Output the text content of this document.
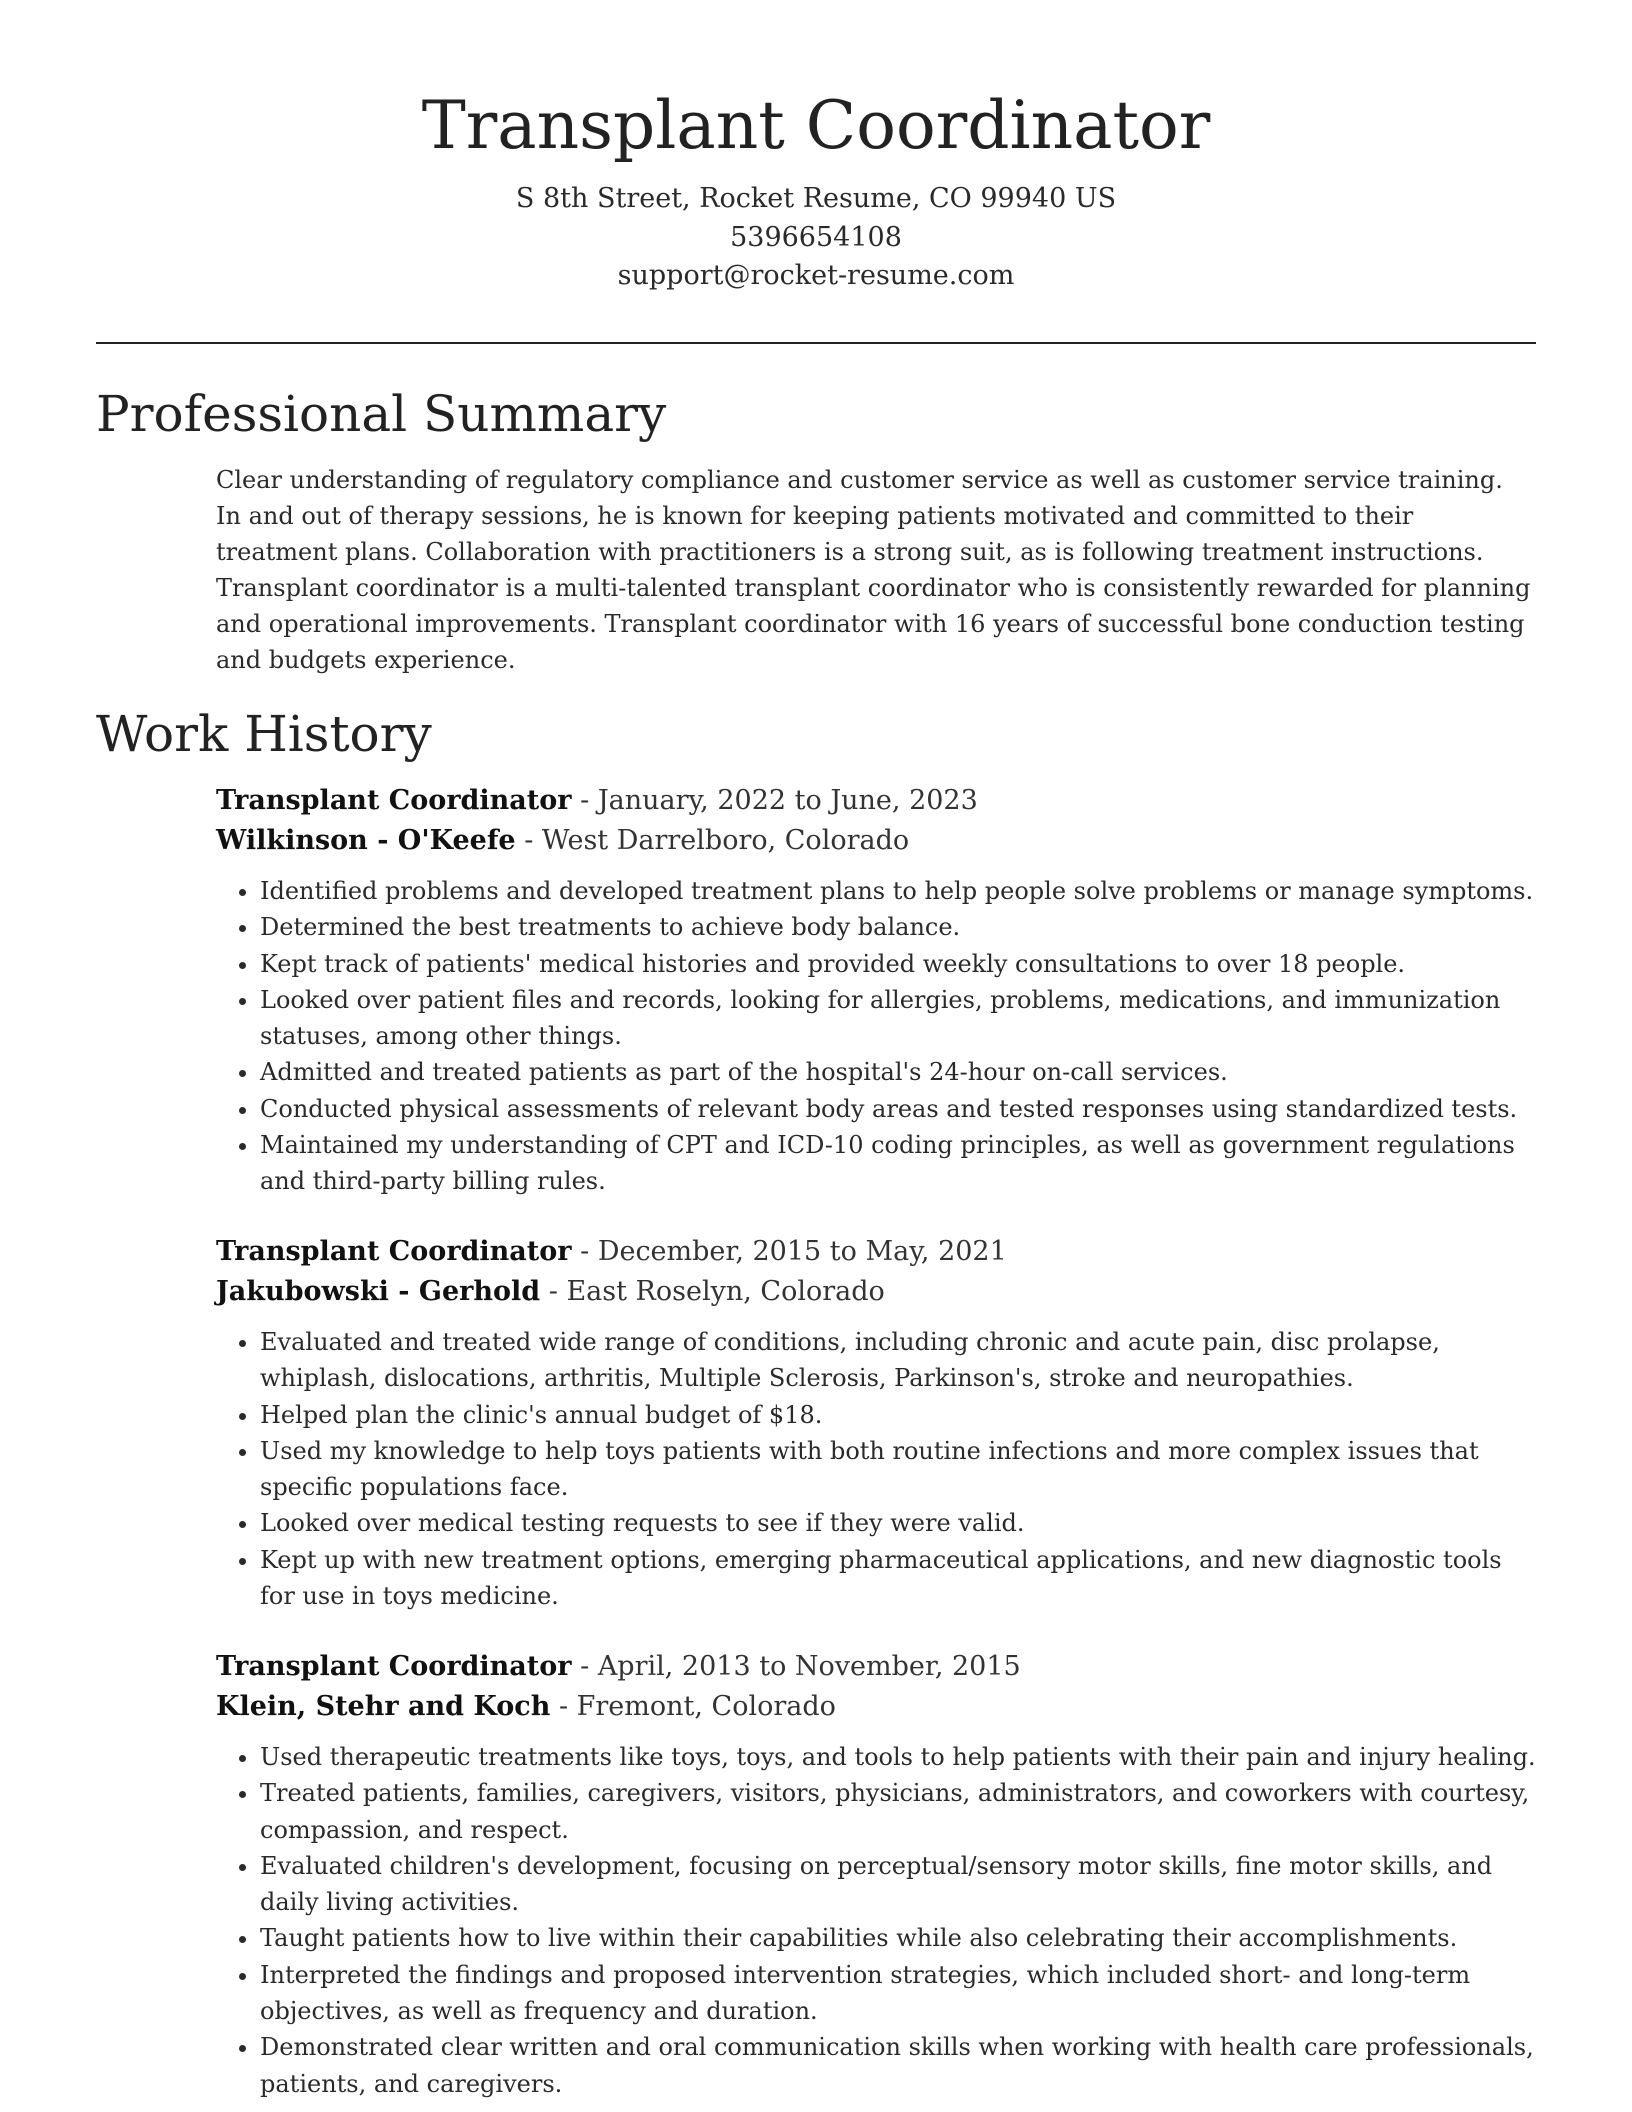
Transplant Coordinator
S 8th Street, Rocket Resume, CO 99940 US
5396654108
support@rocket-resume.com
Professional Summary

Clear understanding of regulatory compliance and customer service as well as customer service training. In and out of therapy sessions, he is known for keeping patients motivated and committed to their treatment plans. Collaboration with practitioners is a strong suit, as is following treatment instructions. Transplant coordinator is a multi-talented transplant coordinator who is consistently rewarded for planning and operational improvements. Transplant coordinator with 16 years of successful bone conduction testing and budgets experience.

Work History
Transplant Coordinator - January, 2022 to June, 2023
Wilkinson - O'Keefe - West Darrelboro, Colorado
• Identified problems and developed treatment plans to help people solve problems or manage symptoms.
• Determined the best treatments to achieve body balance.
• Kept track of patients' medical histories and provided weekly consultations to over 18 people.
• Looked over patient files and records, looking for allergies, problems, medications, and immunization statuses, among other things.
• Admitted and treated patients as part of the hospital's 24-hour on-call services.
• Conducted physical assessments of relevant body areas and tested responses using standardized tests.
• Maintained my understanding of CPT and ICD-10 coding principles, as well as government regulations and third-party billing rules.
Transplant Coordinator - December, 2015 to May, 2021
Jakubowski - Gerhold - East Roselyn, Colorado
• Evaluated and treated wide range of conditions, including chronic and acute pain, disc prolapse, whiplash, dislocations, arthritis, Multiple Sclerosis, Parkinson's, stroke and neuropathies.
• Helped plan the clinic's annual budget of $18.
• Used my knowledge to help toys patients with both routine infections and more complex issues that specific populations face.
• Looked over medical testing requests to see if they were valid.
• Kept up with new treatment options, emerging pharmaceutical applications, and new diagnostic tools for use in toys medicine.
Transplant Coordinator - April, 2013 to November, 2015
Klein, Stehr and Koch - Fremont, Colorado
• Used therapeutic treatments like toys, toys, and tools to help patients with their pain and injury healing.
• Treated patients, families, caregivers, visitors, physicians, administrators, and coworkers with courtesy, compassion, and respect.
• Evaluated children's development, focusing on perceptual/sensory motor skills, fine motor skills, and daily living activities.
• Taught patients how to live within their capabilities while also celebrating their accomplishments.
• Interpreted the findings and proposed intervention strategies, which included short- and long-term objectives, as well as frequency and duration.
• Demonstrated clear written and oral communication skills when working with health care professionals, patients, and caregivers.
